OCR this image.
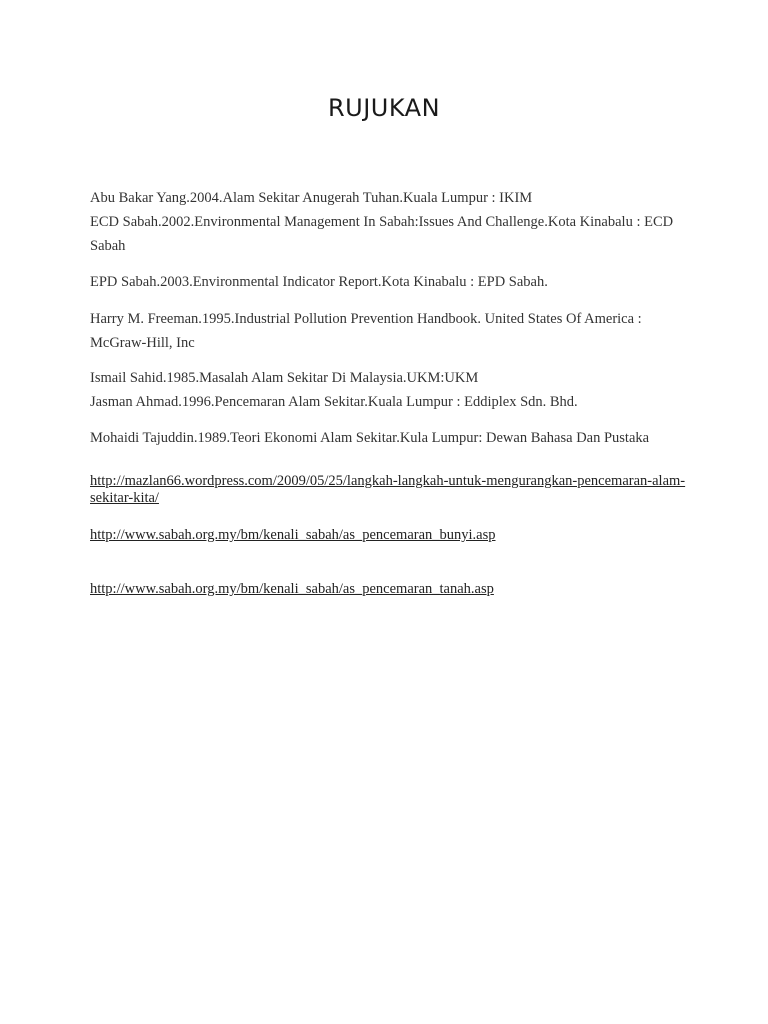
RUJUKAN

Abu Bakar Yang.2004.Alam Sekitar Anugerah Tuhan.Kuala Lumpur : IKIM

ECD Sabah.2002.Environmental Management In Sabah:Issues And Challenge.Kota Kinabalu : ECD Sabah

EPD Sabah.2003.Environmental Indicator Report.Kota Kinabalu : EPD Sabah.

Harry M. Freeman.1995.Industrial Pollution Prevention Handbook. United States Of America : McGraw-Hill, Inc

Ismail Sahid.1985.Masalah Alam Sekitar Di Malaysia.UKM:UKM

Jasman Ahmad.1996.Pencemaran Alam Sekitar.Kuala Lumpur : Eddiplex Sdn. Bhd.

Mohaidi Tajuddin.1989.Teori Ekonomi Alam Sekitar.Kula Lumpur: Dewan Bahasa Dan Pustaka

http://mazlan66.wordpress.com/2009/05/25/langkah-langkah-untuk-mengurangkan-pencemaran-alam-sekitar-kita/
http://www.sabah.org.my/bm/kenali_sabah/as_pencemaran_bunyi.asp
http://www.sabah.org.my/bm/kenali_sabah/as_pencemaran_tanah.asp
